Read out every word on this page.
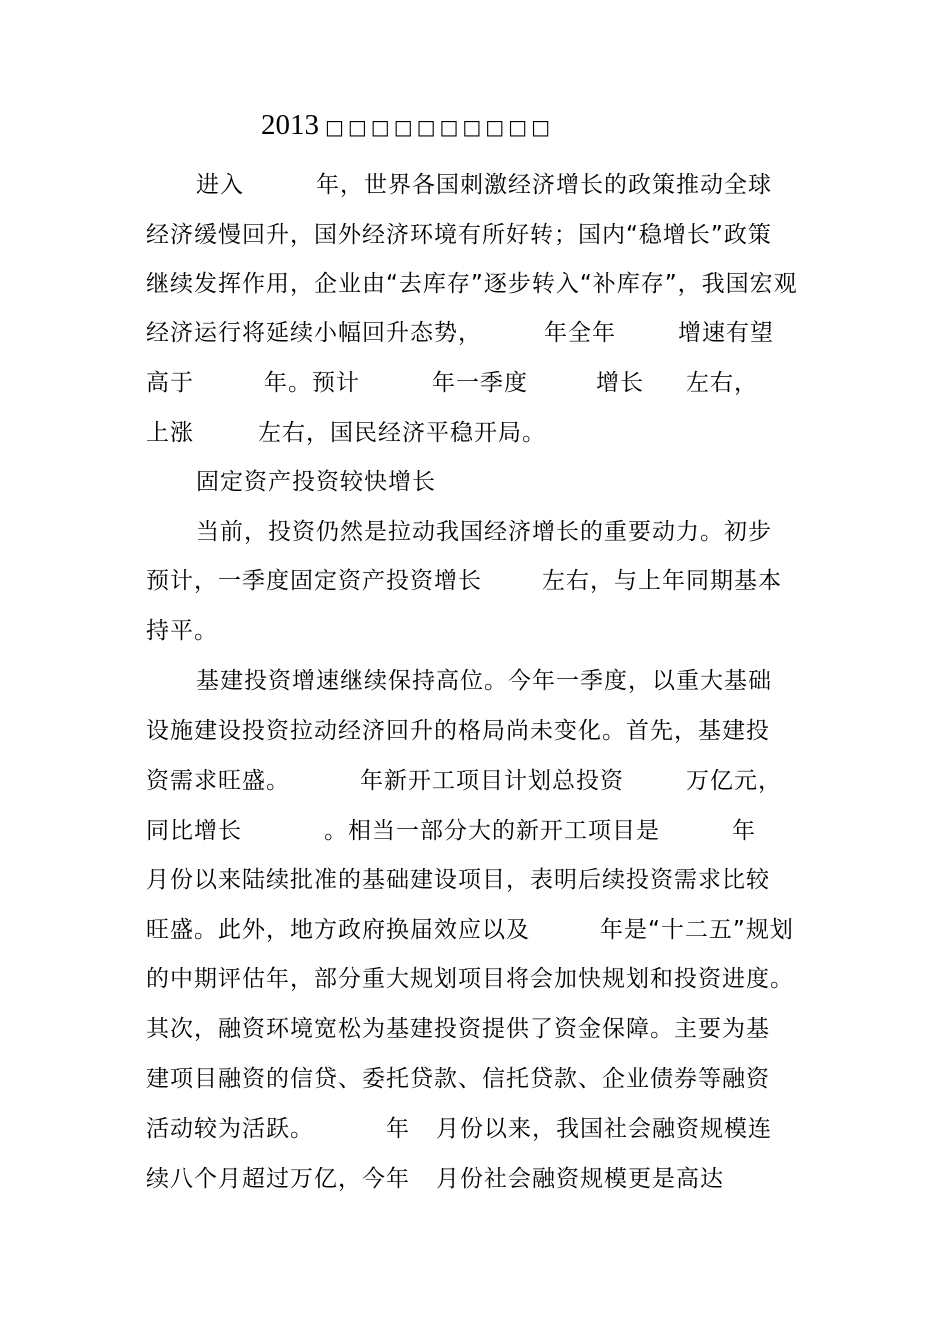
2013 □□□□□□□□□□
进入	年，世界各国刺激经济增长的政策推动全球
经济缓慢回升，国外经济环境有所好转；国内“稳增长”政策
继续发挥作用，企业由“去库存”逐步转入“补库存”，我国宏观
经济运行将延续小幅回升态势，	年全年	增速有望
高于	年。预计	年一季度	增长 左右，
上涨	左右，国民经济平稳开局。
固定资产投资较快增长
当前，投资仍然是拉动我国经济增长的重要动力。初步
预计，一季度固定资产投资增长	左右，与上年同期基本
持平。
基建投资增速继续保持高位。今年一季度，以重大基础
设施建设投资拉动经济回升的格局尚未变化。首先，基建投
资需求旺盛。	年新开工项目计划总投资	万亿元，
同比增长	。相当一部分大的新开工项目是	年
月份以来陆续批准的基础建设项目，表明后续投资需求比较
旺盛。此外，地方政府换届效应以及	年是“十二五”规划
的中期评估年，部分重大规划项目将会加快规划和投资进度。
其次，融资环境宽松为基建投资提供了资金保障。主要为基
建项目融资的信贷、委托贷款、信托贷款、企业债券等融资
活动较为活跃。	年 月份以来，我国社会融资规模连
续八个月超过万亿，今年 月份社会融资规模更是高达
